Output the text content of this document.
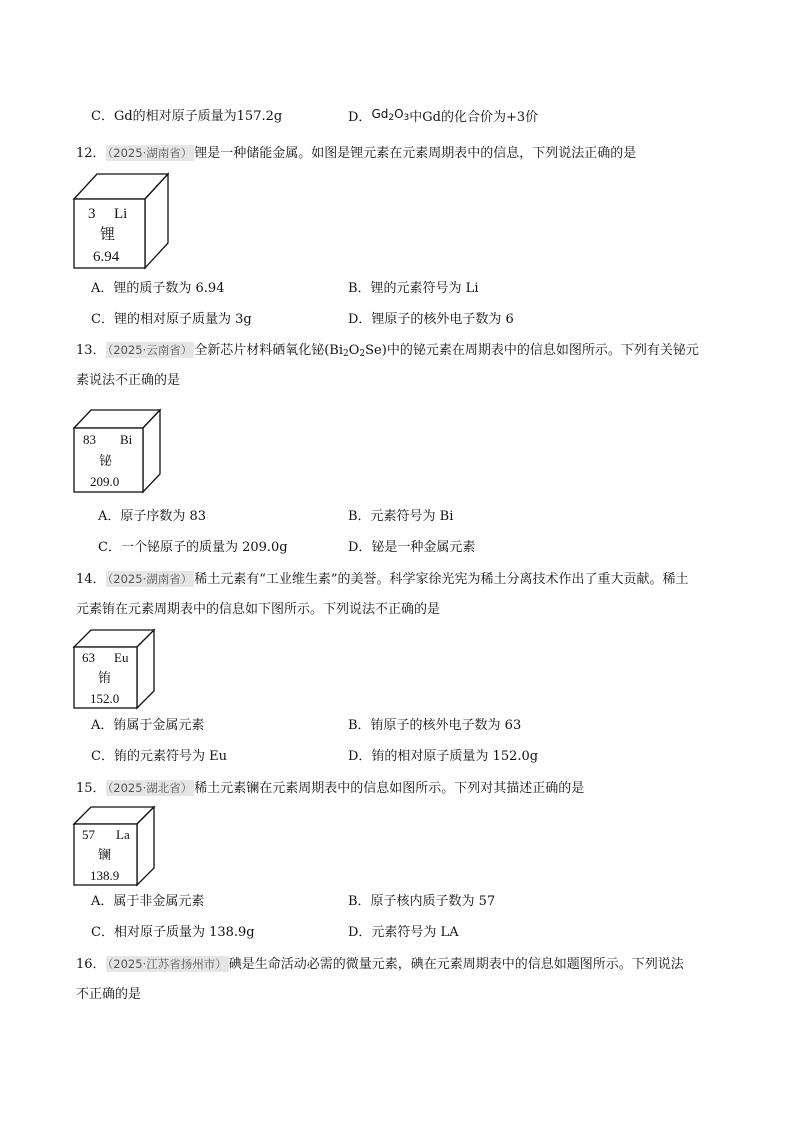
C．Gd的相对原子质量为157.2g	D．$Gd_2O_3$中Gd的化合价为+3价
12． （2025·湖南省） 锂是一种储能金属。如图是锂元素在元素周期表中的信息，下列说法正确的是
3 Li
锂
6.94
A．锂的质子数为 6.94	B．锂的元素符号为 Li
C．锂的相对原子质量为 3g	D．锂原子的核外电子数为 6
13． （2025·云南省） 全新芯片材料硒氧化铋$(Bi_2O_2Se)$中的铋元素在周期表中的信息如图所示。下列有关铋元
素说法不正确的是
83 Bi
铋
209.0
A．原子序数为 83	B．元素符号为 Bi
C．一个铋原子的质量为 209.0g	D．铋是一种金属元素
14． （2025·湖南省） 稀土元素有“工业维生素”的美誉。科学家徐光宪为稀土分离技术作出了重大贡献。稀土
元素铕在元素周期表中的信息如下图所示。下列说法不正确的是
63 Eu
铕
152.0
A．铕属于金属元素	B．铕原子的核外电子数为 63
C．铕的元素符号为 Eu	D．铕的相对原子质量为 152.0g
15． （2025·湖北省） 稀土元素镧在元素周期表中的信息如图所示。下列对其描述正确的是
57 La
镧
138.9
A．属于非金属元素	B．原子核内质子数为 57
C．相对原子质量为 138.9g	D．元素符号为 LA
16． （2025·江苏省扬州市） 碘是生命活动必需的微量元素，碘在元素周期表中的信息如题图所示。下列说法
不正确的是
